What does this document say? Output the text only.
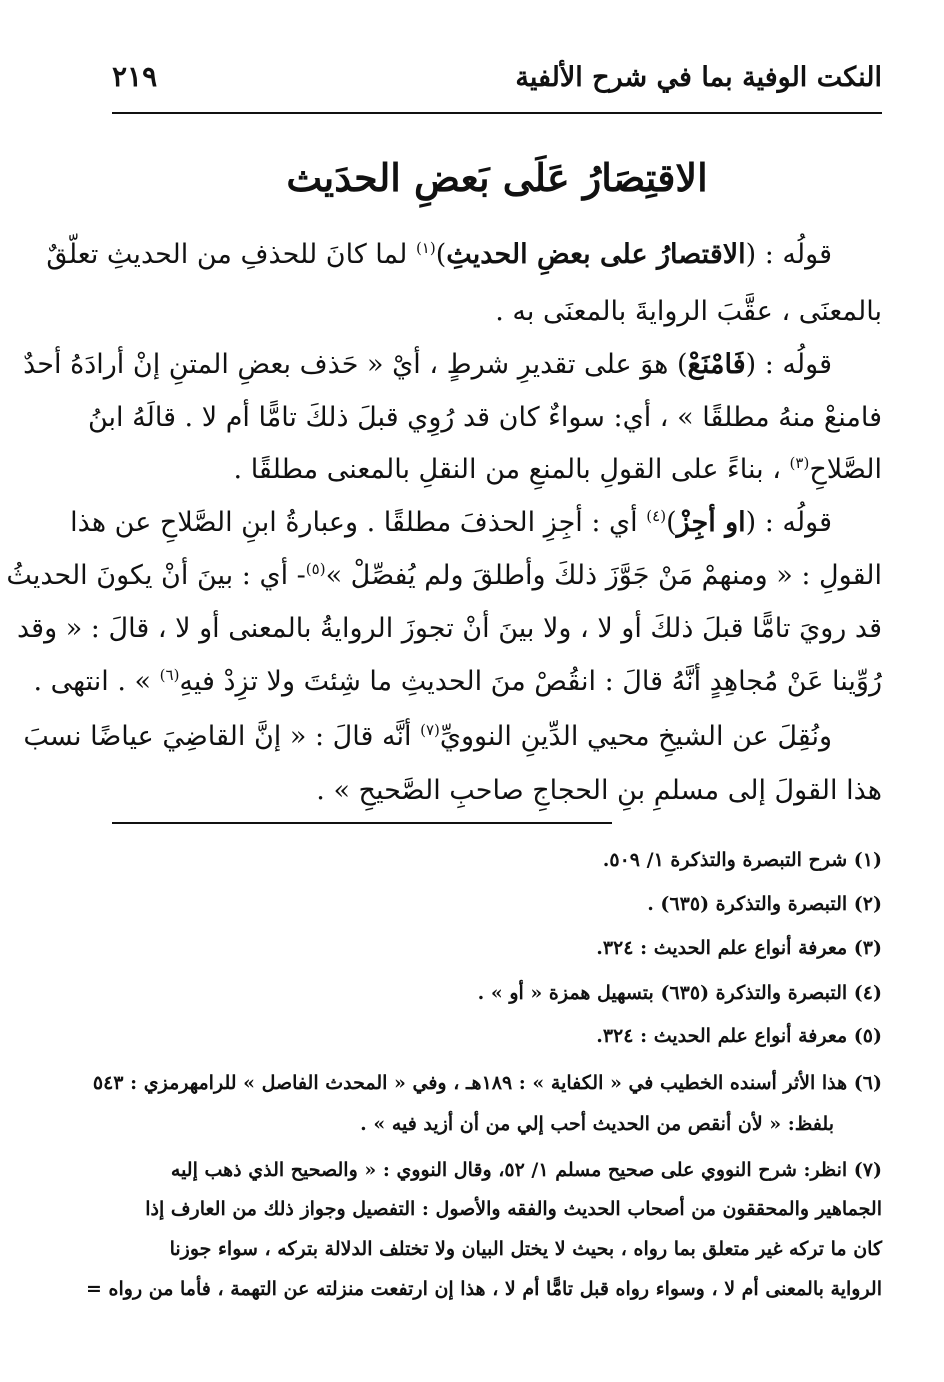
النكت الوفية بما في شرح الألفية
٢١٩
الاقتِصَارُ عَلَى بَعضِ الحدَيث
قولُه : (الاقتصارُ على بعضِ الحديثِ)$^{(١)}$ لما كانَ للحذفِ من الحديثِ تعلّقٌ
بالمعنَى ، عقَّبَ الروايةَ بالمعنَى به .
قولُه : (فَامْنَعْ) هوَ على تقديرِ شرطٍ ، أيْ « حَذف بعضِ المتنِ إنْ أرادَهُ أحدٌ
فامنعْ منهُ مطلقًا » ، أي: سواءٌ كان قد رُوِي قبلَ ذلكَ تامًّا أم لا . قالَهُ ابنُ
الصَّلاحِ$^{(٣)}$ ، بناءً على القولِ بالمنعِ من النقلِ بالمعنى مطلقًا .
قولُه : (او أجِزْ)$^{(٤)}$ أي : أجِزِ الحذفَ مطلقًا . وعبارةُ ابنِ الصَّلاحِ عن هذا
القولِ : « ومنهمْ مَنْ جَوَّزَ ذلكَ وأطلقَ ولم يُفصِّلْ »$^{(٥)}$- أي : بينَ أنْ يكونَ الحديثُ
قد رويَ تامًّا قبلَ ذلكَ أو لا ، ولا بينَ أنْ تجوزَ الروايةُ بالمعنى أو لا ، قالَ : « وقد
رُوِّينا عَنْ مُجاهِدٍ أنَّهُ قالَ : انقُصْ منَ الحديثِ ما شِئتَ ولا تزِدْ فيهِ$^{(٦)}$ » . انتهى .
ونُقِلَ عن الشيخِ محيي الدِّينِ النوويِّ$^{(٧)}$ أنَّه قالَ : « إنَّ القاضِيَ عياضًا نسبَ
هذا القولَ إلى مسلمِ بنِ الحجاجِ صاحبِ الصَّحيحِ » .
(١) شرح التبصرة والتذكرة ١/ ٥٠٩.
(٢) التبصرة والتذكرة (٦٣٥) .
(٣) معرفة أنواع علم الحديث : ٣٢٤.
(٤) التبصرة والتذكرة (٦٣٥) بتسهيل همزة « أو » .
(٥) معرفة أنواع علم الحديث : ٣٢٤.
(٦) هذا الأثر أسنده الخطيب في « الكفاية » : ١٨٩هـ ، وفي « المحدث الفاصل » للرامهرمزي : ٥٤٣
بلفظ: « لأن أنقص من الحديث أحب إلي من أن أزيد فيه » .
(٧) انظر: شرح النووي على صحيح مسلم ١/ ٥٢، وقال النووي : « والصحيح الذي ذهب إليه
الجماهير والمحققون من أصحاب الحديث والفقه والأصول : التفصيل وجواز ذلك من العارف إذا
كان ما تركه غير متعلق بما رواه ، بحيث لا يختل البيان ولا تختلف الدلالة بتركه ، سواء جوزنا
الرواية بالمعنى أم لا ، وسواء رواه قبل تامًّا أم لا ، هذا إن ارتفعت منزلته عن التهمة ، فأما من رواه =
